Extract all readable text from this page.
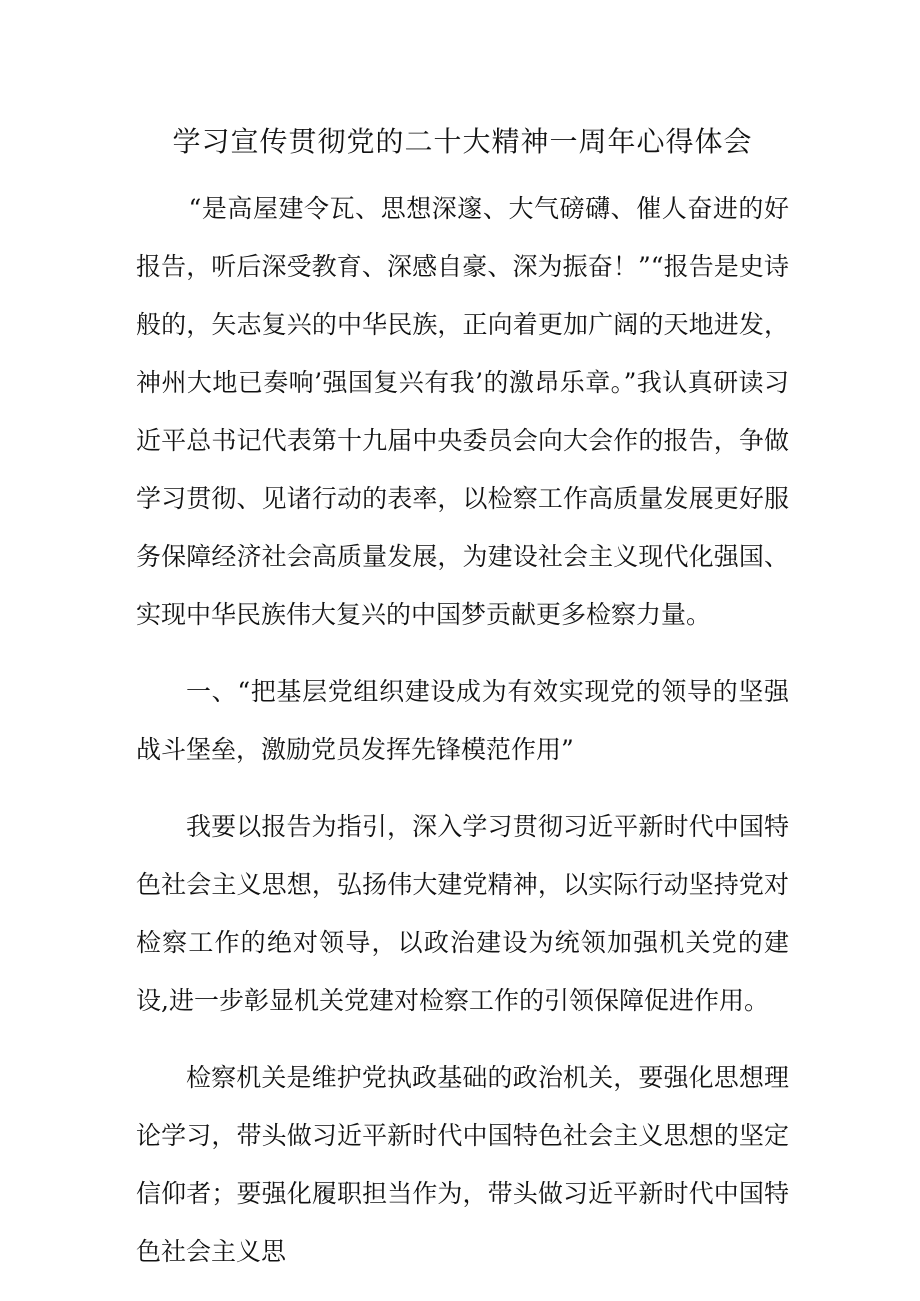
学习宣传贯彻党的二十大精神一周年心得体会

“是高屋建令瓦、思想深邃、大气磅礴、催人奋进的好报告，听后深受教育、深感自豪、深为振奋！”“报告是史诗般的，矢志复兴的中华民族，正向着更加广阔的天地进发，神州大地已奏响’强国复兴有我’的激昂乐章。”我认真研读习近平总书记代表第十九届中央委员会向大会作的报告，争做学习贯彻、见诸行动的表率，以检察工作高质量发展更好服务保障经济社会高质量发展，为建设社会主义现代化强国、实现中华民族伟大复兴的中国梦贡献更多检察力量。

一、“把基层党组织建设成为有效实现党的领导的坚强战斗堡垒，激励党员发挥先锋模范作用”

我要以报告为指引，深入学习贯彻习近平新时代中国特色社会主义思想，弘扬伟大建党精神，以实际行动坚持党对检察工作的绝对领导，以政治建设为统领加强机关党的建设,进一步彰显机关党建对检察工作的引领保障促进作用。

检察机关是维护党执政基础的政治机关，要强化思想理论学习，带头做习近平新时代中国特色社会主义思想的坚定信仰者；要强化履职担当作为，带头做习近平新时代中国特色社会主义思
